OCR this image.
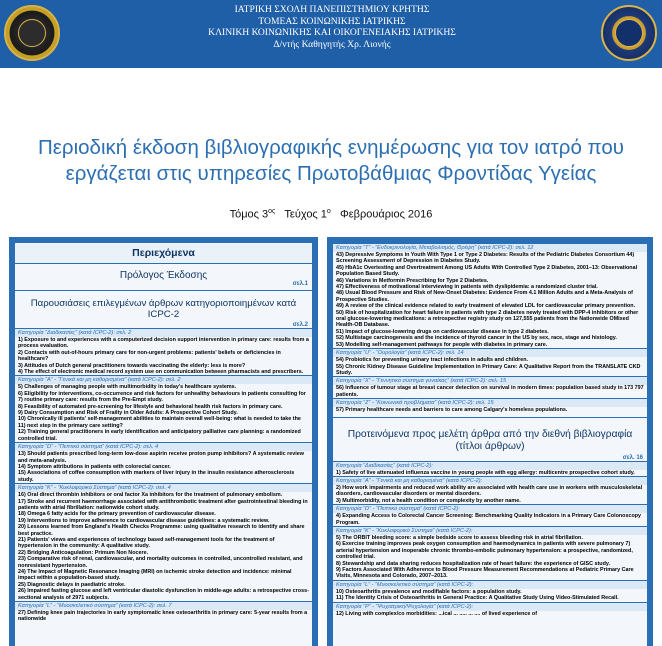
ΙΑΤΡΙΚΗ ΣΧΟΛΗ ΠΑΝΕΠΙΣΤΗΜΙΟΥ ΚΡΗΤΗΣ
ΤΟΜΕΑΣ ΚΟΙΝΩΝΙΚΗΣ ΙΑΤΡΙΚΗΣ
ΚΛΙΝΙΚΗ ΚΟΙΝΩΝΙΚΗΣ ΚΑΙ ΟΙΚΟΓΕΝΕΙΑΚΗΣ ΙΑΤΡΙΚΗΣ
Δ/ντής Καθηγητής Χρ. Λιονής
Περιοδική έκδοση βιβλιογραφικής ενημέρωσης για τον ιατρό που εργάζεται στις υπηρεσίες Πρωτοβάθμιας Φροντίδας Υγείας
Τόμος $3^{o\varsigma}$ Τεύχος $1^o$ Φεβρουάριος 2016
Περιεχόμενα
Πρόλογος Έκδοσης
σελ.1
Παρουσιάσεις επιλεγμένων άρθρων κατηγοριοποιημένων κατά ICPC-2
σελ.2
Κατηγορία “Διαδικασίες” (κατά ICPC-2): σελ. 2
1) Exposure to and experiences with a computerized decision support intervention in primary care: results from a process evaluation.
2) Contacts with out-of-hours primary care for non-urgent problems: patients' beliefs or deficiencies in healthcare?
3) Attitudes of Dutch general practitioners towards vaccinating the elderly: less is more?
4) The effect of electronic medical record system use on communication between pharmacists and prescribers.
Κατηγορία “Α” - “Γενικά και μη καθορισμένα” (κατά ICPC-2): σελ. 2
5) Challenges of managing people with multimorbidity in today's healthcare systems.
6) Eligibility for interventions, co-occurrence and risk factors for unhealthy behaviours in patients consulting for 7) routine primary care: results from the Pre-Empt study.
8) Feasibility of automated pre-screening for lifestyle and behavioral health risk factors in primary care.
9) Dairy Consumption and Risk of Frailty in Older Adults: A Prospective Cohort Study.
10) Chronically ill patients' self-management abilities to maintain overall well-being: what is needed to take the 11) next step in the primary care setting?
12) Training general practitioners in early identification and anticipatory palliative care planning: a randomized controlled trial.
Κατηγορία “D” - “Πεπτικό σύστημα” (κατά ICPC-2): σελ. 4
13) Should patients prescribed long-term low-dose aspirin receive proton pump inhibitors? A systematic review and meta-analysis.
14) Symptom attributions in patients with colorectal cancer.
15) Associations of coffee consumption with markers of liver injury in the insulin resistance atherosclerosis study.
Κατηγορία “K” - “Κυκλοφορικό Σύστημα” (κατά ICPC-2): σελ. 4
16) Oral direct thrombin inhibitors or oral factor Xa inhibitors for the treatment of pulmonary embolism.
17) Stroke and recurrent haemorrhage associated with antithrombotic treatment after gastrointestinal bleeding in patients with atrial fibrillation: nationwide cohort study.
18) Omega 6 fatty acids for the primary prevention of cardiovascular disease.
19) Interventions to improve adherence to cardiovascular disease guidelines: a systematic review.
20) Lessons learned from England's Health Checks Programme: using qualitative research to identify and share best practice.
21) Patients' views and experiences of technology based self-management tools for the treatment of hypertension in the community: A qualitative study.
22) Bridging Anticoagulation: Primum Non Nocere.
23) Comparative risk of renal, cardiovascular, and mortality outcomes in controlled, uncontrolled resistant, and nonresistant hypertension.
24) The Impact of Magnetic Resonance Imaging (MRI) on ischemic stroke detection and incidence: minimal impact within a population-based study.
25) Diagnostic delays in paediatric stroke.
26) Impaired fasting glucose and left ventricular diastolic dysfunction in middle-age adults: a retrospective cross-sectional analysis of 2971 subjects.
Κατηγορία “L” - “Μυοσκελετικό σύστημα” (κατά ICPC-2): σελ. 7
27) Defining knee pain trajectories in early symptomatic knee osteoarthritis in primary care: 5-year results from a nationwide
Κατηγορία “T” - “Ενδοκρινολογία, Μεταβολισμός, Θρέψη” (κατά ICPC-2): σελ. 12
43) Depressive Symptoms in Youth With Type 1 or Type 2 Diabetes: Results of the Pediatric Diabetes Consortium 44) Screening Assessment of Depression in Diabetes Study.
45) HbA1c Overtesting and Overtreatment Among US Adults With Controlled Type 2 Diabetes, 2001–13: Observational Population Based Study.
46) Variations in Metformin Prescribing for Type 2 Diabetes.
47) Effectiveness of motivational interviewing in patients with dyslipidemia: a randomized cluster trial.
48) Usual Blood Pressure and Risk of New-Onset Diabetes: Evidence From 4.1 Million Adults and a Meta-Analysis of Prospective Studies.
49) A review of the clinical evidence related to early treatment of elevated LDL for cardiovascular primary prevention.
50) Risk of hospitalization for heart failure in patients with type 2 diabetes newly treated with DPP-4 inhibitors or other oral glucose-lowering medications: a retrospective registry study on 127,555 patients from the Nationwide OMixed Health-OB Database.
51) Impact of glucose-lowering drugs on cardiovascular disease in type 2 diabetes.
52) Multistage carcinogenesis and the incidence of thyroid cancer in the US by sex, race, stage and histology.
53) Modelling self-management pathways for people with diabetes in primary care.
Κατηγορία “U” - “Ουρολογία” (κατά ICPC-2): σελ. 14
54) Probiotics for preventing urinary tract infections in adults and children.
55) Chronic Kidney Disease Guideline Implementation in Primary Care: A Qualitative Report from the TRANSLATE CKD Study.
Κατηγορία “X” - “Γεννητικό σύστημα γυναίκας” (κατά ICPC-2): σελ. 15
56) Influence of tumour stage at breast cancer detection on survival in modern times: population based study in 173 797 patients.
Κατηγορία “Z” - “Κοινωνικά προβλήματα” (κατά ICPC-2): σελ. 15
57) Primary healthcare needs and barriers to care among Calgary's homeless populations.
Προτεινόμενα προς μελέτη άρθρα από την διεθνή βιβλιογραφία (τίτλοι άρθρων)
σελ. 16
Κατηγορία “Διαδικασίες” (κατά ICPC-2):
1) Safety of live attenuated influenza vaccine in young people with egg allergy: multicentre prospective cohort study.
Κατηγορία “Α” - “Γενικά και μη καθορισμένα” (κατά ICPC-2):
2) How work impairments and reduced work ability are associated with health care use in workers with musculoskeletal disorders, cardiovascular disorders or mental disorders.
3) Multimorbidity, not a health condition or complexity by another name.
Κατηγορία “D” - “Πεπτικό σύστημα” (κατά ICPC-2):
4) Expanding Access to Colorectal Cancer Screening: Benchmarking Quality Indicators in a Primary Care Colonoscopy Program.
Κατηγορία “K” - “Κυκλοφορικό Σύστημα” (κατά ICPC-2):
5) The ORBIT bleeding score: a simple bedside score to assess bleeding risk in atrial fibrillation.
6) Exercise training improves peak oxygen consumption and haemodynamics in patients with severe pulmonary 7) arterial hypertension and inoperable chronic thrombo-embolic pulmonary hypertension: a prospective, randomized, controlled trial.
8) Stewardship and data sharing reduces hospitalization rate of heart failure: the experience of GISC study.
9) Factors Associated With Adherence to Blood Pressure Measurement Recommendations at Pediatric Primary Care Visits, Minnesota and Colorado, 2007–2013.
Κατηγορία “L” - “Μυοσκελετικό σύστημα” (κατά ICPC-2):
10) Osteoarthritis prevalence and modifiable factors: a population study.
11) The Identity Crisis of Osteoarthritis in General Practice: A Qualitative Study Using Video-Stimulated Recall.
Κατηγορία “P” - “Ψυχιατρική/Ψυχολογία” (κατά ICPC-2):
12) Living with complex/co morbidities: ...ical ... ..... ... .... of lived experience of
